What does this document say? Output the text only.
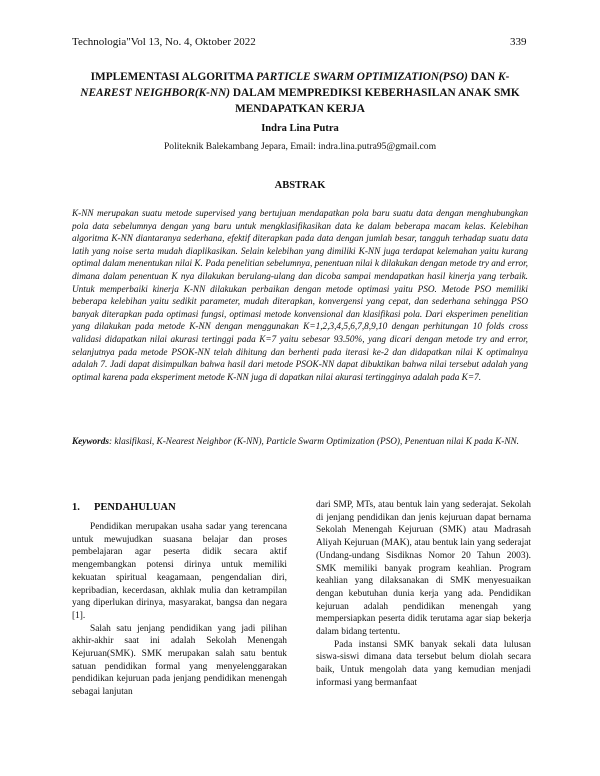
Technologia"Vol 13, No. 4, Oktober 2022	339
IMPLEMENTASI ALGORITMA PARTICLE SWARM OPTIMIZATION(PSO) DAN K-NEAREST NEIGHBOR(K-NN) DALAM MEMPREDIKSI KEBERHASILAN ANAK SMK MENDAPATKAN KERJA
Indra Lina Putra
Politeknik Balekambang Jepara, Email: indra.lina.putra95@gmail.com
ABSTRAK

K-NN merupakan suatu metode supervised yang bertujuan mendapatkan pola baru suatu data dengan menghubungkan pola data sebelumnya dengan yang baru untuk mengklasifikasikan data ke dalam beberapa macam kelas. Kelebihan algoritma K-NN diantaranya sederhana, efektif diterapkan pada data dengan jumlah besar, tangguh terhadap suatu data latih yang noise serta mudah diaplikasikan. Selain kelebihan yang dimiliki K-NN juga terdapat kelemahan yaitu kurang optimal dalam menentukan nilai K. Pada penelitian sebelumnya, penentuan nilai k dilakukan dengan metode try and error, dimana dalam penentuan K nya dilakukan berulang-ulang dan dicoba sampai mendapatkan hasil kinerja yang terbaik. Untuk memperbaiki kinerja K-NN dilakukan perbaikan dengan metode optimasi yaitu PSO. Metode PSO memiliki beberapa kelebihan yaitu sedikit parameter, mudah diterapkan, konvergensi yang cepat, dan sederhana sehingga PSO banyak diterapkan pada optimasi fungsi, optimasi metode konvensional dan klasifikasi pola. Dari eksperimen penelitian yang dilakukan pada metode K-NN dengan menggunakan K=1,2,3,4,5,6,7,8,9,10 dengan perhitungan 10 folds cross validasi didapatkan nilai akurasi tertinggi pada K=7 yaitu sebesar 93.50%, yang dicari dengan metode try and error, selanjutnya pada metode PSOK-NN telah dihitung dan berhenti pada iterasi ke-2 dan didapatkan nilai K optimalnya adalah 7. Jadi dapat disimpulkan bahwa hasil dari metode PSOK-NN dapat dibuktikan bahwa nilai tersebut adalah yang optimal karena pada eksperiment metode K-NN juga di dapatkan nilai akurasi tertingginya adalah pada K=7.

Keywords: klasifikasi, K-Nearest Neighbor (K-NN), Particle Swarm Optimization (PSO), Penentuan nilai K pada K-NN.

1. PENDAHULUAN

Pendidikan merupakan usaha sadar yang terencana untuk mewujudkan suasana belajar dan proses pembelajaran agar peserta didik secara aktif mengembangkan potensi dirinya untuk memiliki kekuatan spiritual keagamaan, pengendalian diri, kepribadian, kecerdasan, akhlak mulia dan ketrampilan yang diperlukan dirinya, masyarakat, bangsa dan negara [1].

Salah satu jenjang pendidikan yang jadi pilihan akhir-akhir saat ini adalah Sekolah Menengah Kejuruan(SMK). SMK merupakan salah satu bentuk satuan pendidikan formal yang menyelenggarakan pendidikan kejuruan pada jenjang pendidikan menengah sebagai lanjutan

dari SMP, MTs, atau bentuk lain yang sederajat. Sekolah di jenjang pendidikan dan jenis kejuruan dapat bernama Sekolah Menengah Kejuruan (SMK) atau Madrasah Aliyah Kejuruan (MAK), atau bentuk lain yang sederajat (Undang-undang Sisdiknas Nomor 20 Tahun 2003). SMK memiliki banyak program keahlian. Program keahlian yang dilaksanakan di SMK menyesuaikan dengan kebutuhan dunia kerja yang ada. Pendidikan kejuruan adalah pendidikan menengah yang mempersiapkan peserta didik terutama agar siap bekerja dalam bidang tertentu.

Pada instansi SMK banyak sekali data lulusan siswa-siswi dimana data tersebut belum diolah secara baik, Untuk mengolah data yang kemudian menjadi informasi yang bermanfaat
